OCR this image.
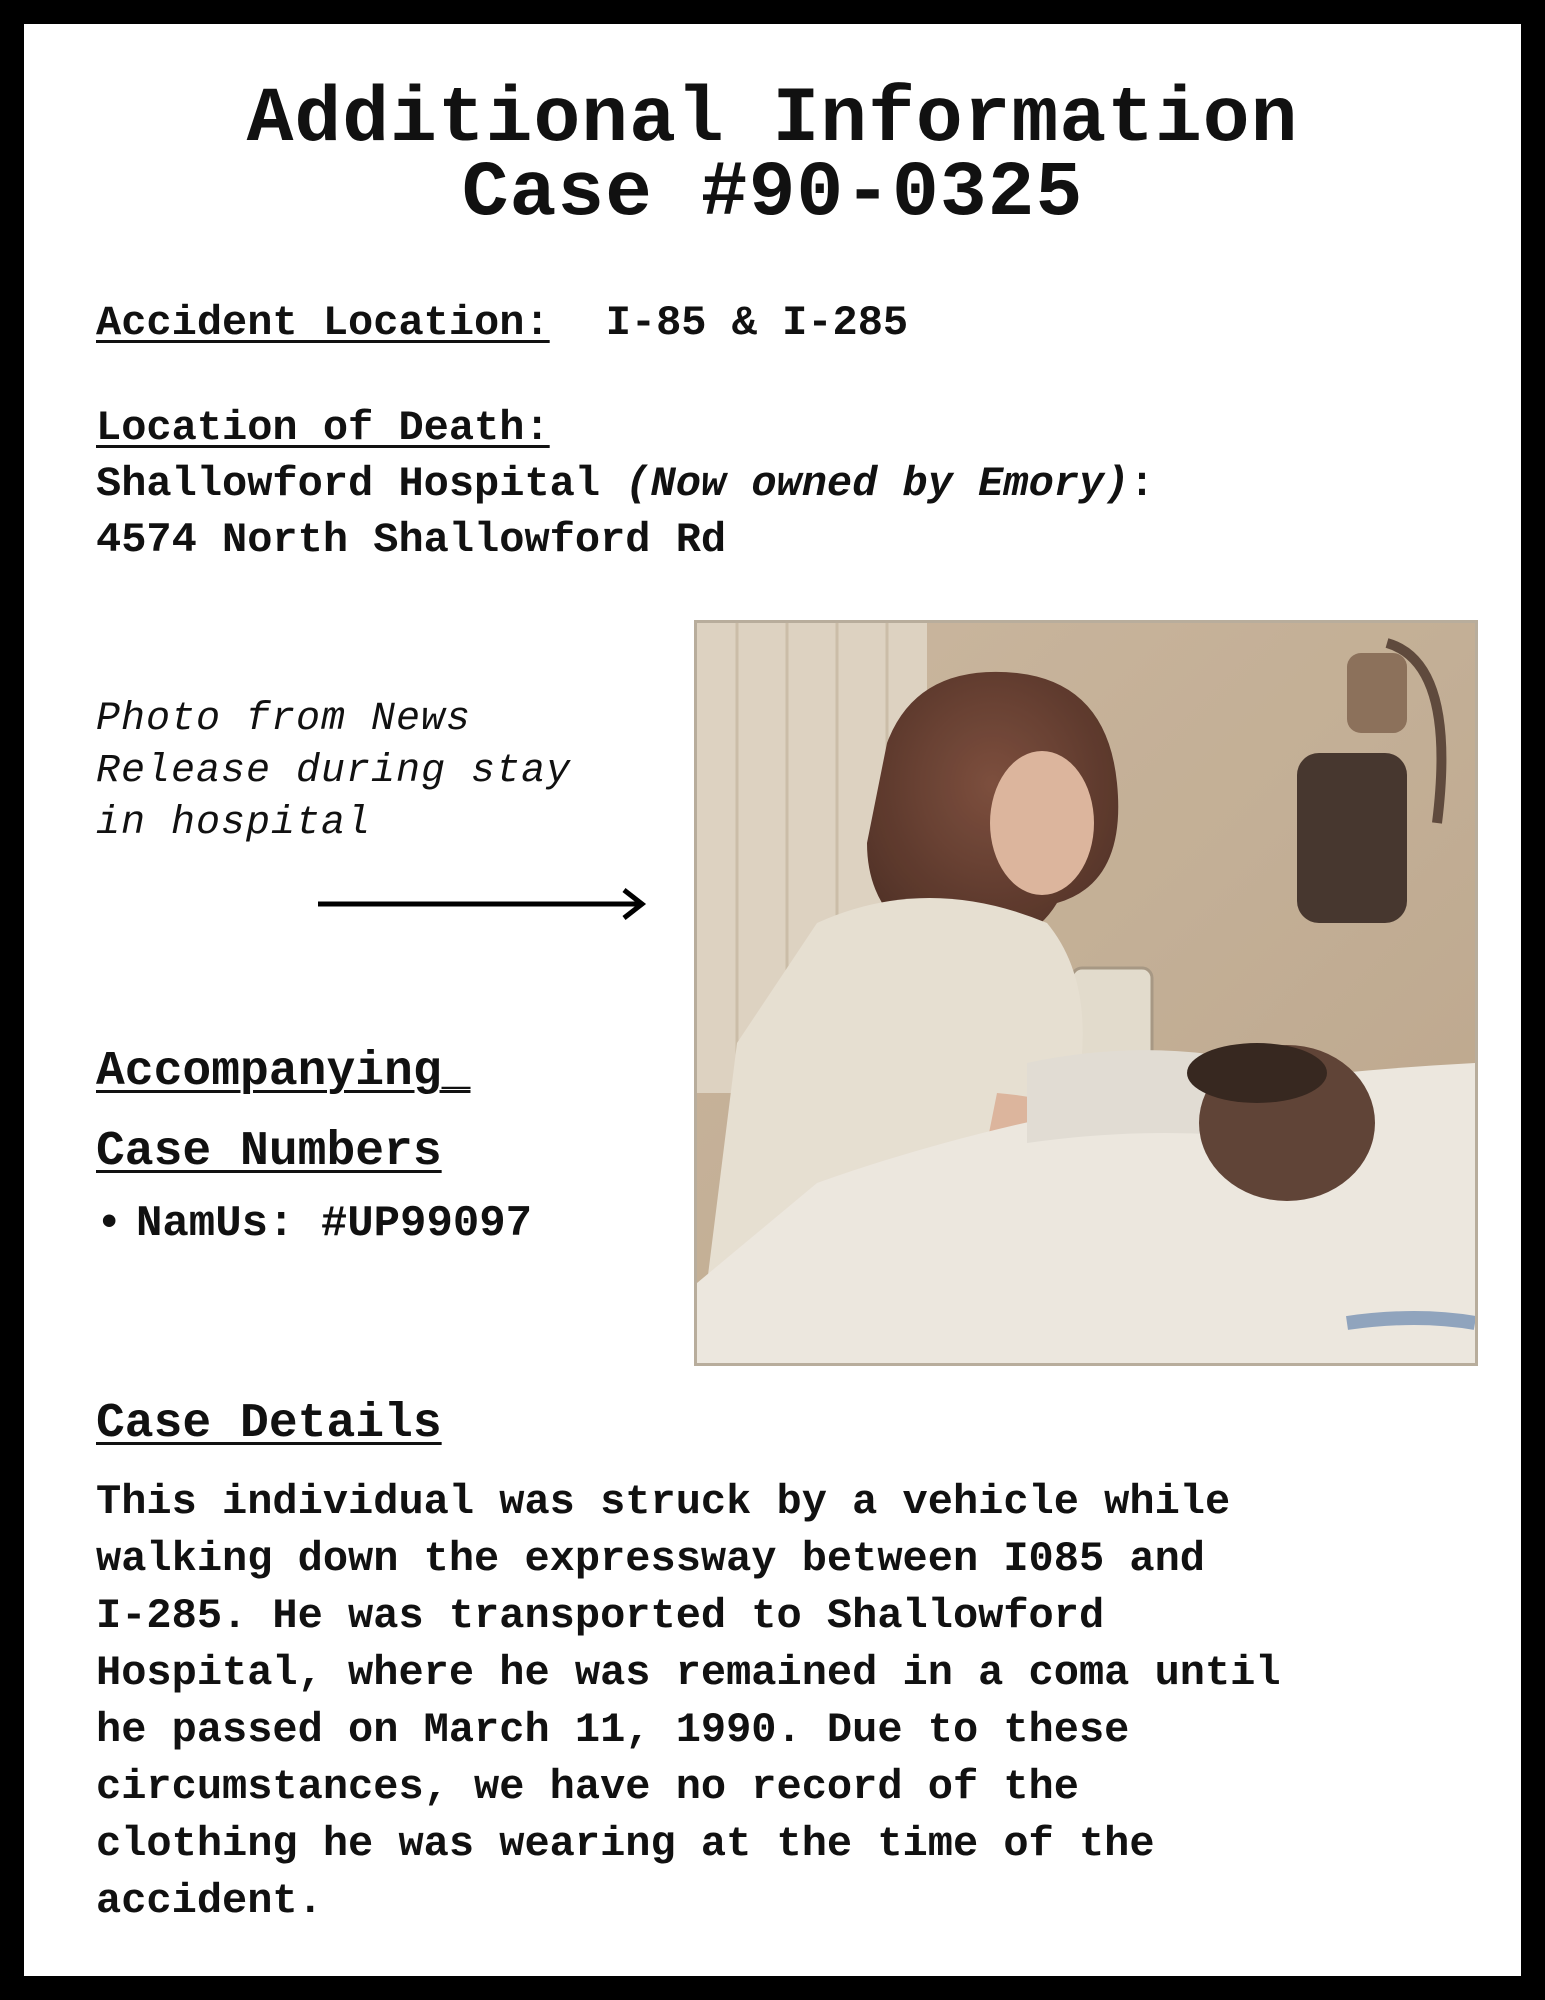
Additional Information
Case #90-0325
Accident Location: I-85 & I-285
Location of Death:
Shallowford Hospital (Now owned by Emory):
4574 North Shallowford Rd
Photo from News
Release during stay
in hospital
Accompanying_
Case Numbers
• NamUs: #UP99097
Case Details
This individual was struck by a vehicle while
walking down the expressway between I085 and
I-285. He was transported to Shallowford
Hospital, where he was remained in a coma until
he passed on March 11, 1990. Due to these
circumstances, we have no record of the
clothing he was wearing at the time of the
accident.
